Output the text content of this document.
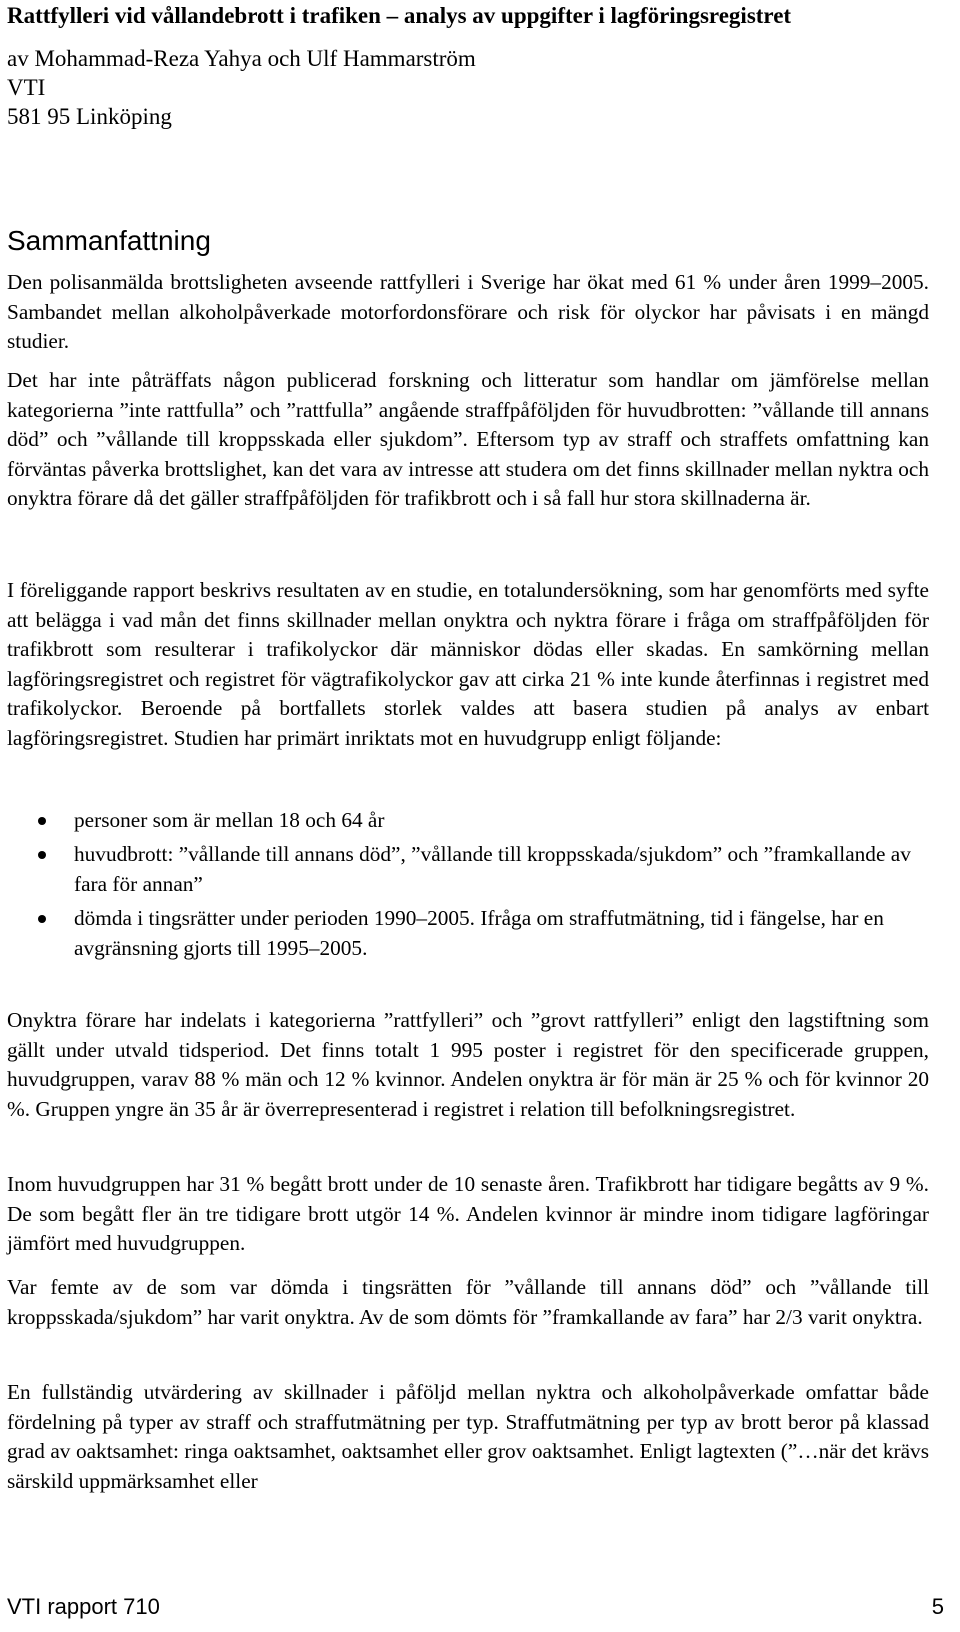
Rattfylleri vid vållandebrott i trafiken – analys av uppgifter i lagföringsregistret
av Mohammad-Reza Yahya och Ulf Hammarström
VTI
581 95 Linköping
Sammanfattning

Den polisanmälda brottsligheten avseende rattfylleri i Sverige har ökat med 61 % under åren 1999–2005. Sambandet mellan alkoholpåverkade motorfordonsförare och risk för olyckor har påvisats i en mängd studier.

Det har inte påträffats någon publicerad forskning och litteratur som handlar om jämförelse mellan kategorierna ”inte rattfulla” och ”rattfulla” angående straffpåföljden för huvudbrotten: ”vållande till annans död” och ”vållande till kroppsskada eller sjukdom”. Eftersom typ av straff och straffets omfattning kan förväntas påverka brottslighet, kan det vara av intresse att studera om det finns skillnader mellan nyktra och onyktra förare då det gäller straffpåföljden för trafikbrott och i så fall hur stora skillnaderna är.

I föreliggande rapport beskrivs resultaten av en studie, en totalundersökning, som har genomförts med syfte att belägga i vad mån det finns skillnader mellan onyktra och nyktra förare i fråga om straffpåföljden för trafikbrott som resulterar i trafikolyckor där människor dödas eller skadas. En samkörning mellan lagföringsregistret och registret för vägtrafikolyckor gav att cirka 21 % inte kunde återfinnas i registret med trafikolyckor. Beroende på bortfallets storlek valdes att basera studien på analys av enbart lagföringsregistret. Studien har primärt inriktats mot en huvudgrupp enligt följande:

personer som är mellan 18 och 64 år
huvudbrott: ”vållande till annans död”, ”vållande till kroppsskada/sjukdom” och ”framkallande av fara för annan”
dömda i tingsrätter under perioden 1990–2005. Ifråga om straffutmätning, tid i fängelse, har en avgränsning gjorts till 1995–2005.

Onyktra förare har indelats i kategorierna ”rattfylleri” och ”grovt rattfylleri” enligt den lagstiftning som gällt under utvald tidsperiod. Det finns totalt 1 995 poster i registret för den specificerade gruppen, huvudgruppen, varav 88 % män och 12 % kvinnor. Andelen onyktra är för män är 25 % och för kvinnor 20 %. Gruppen yngre än 35 år är överrepresenterad i registret i relation till befolkningsregistret.

Inom huvudgruppen har 31 % begått brott under de 10 senaste åren. Trafikbrott har tidigare begåtts av 9 %. De som begått fler än tre tidigare brott utgör 14 %. Andelen kvinnor är mindre inom tidigare lagföringar jämfört med huvudgruppen.

Var femte av de som var dömda i tingsrätten för ”vållande till annans död” och ”vållande till kroppsskada/sjukdom” har varit onyktra. Av de som dömts för ”framkallande av fara” har 2/3 varit onyktra.

En fullständig utvärdering av skillnader i påföljd mellan nyktra och alkoholpåverkade omfattar både fördelning på typer av straff och straffutmätning per typ. Straffutmätning per typ av brott beror på klassad grad av oaktsamhet: ringa oaktsamhet, oaktsamhet eller grov oaktsamhet. Enligt lagtexten (”…när det krävs särskild uppmärksamhet eller

VTI rapport 710	5
